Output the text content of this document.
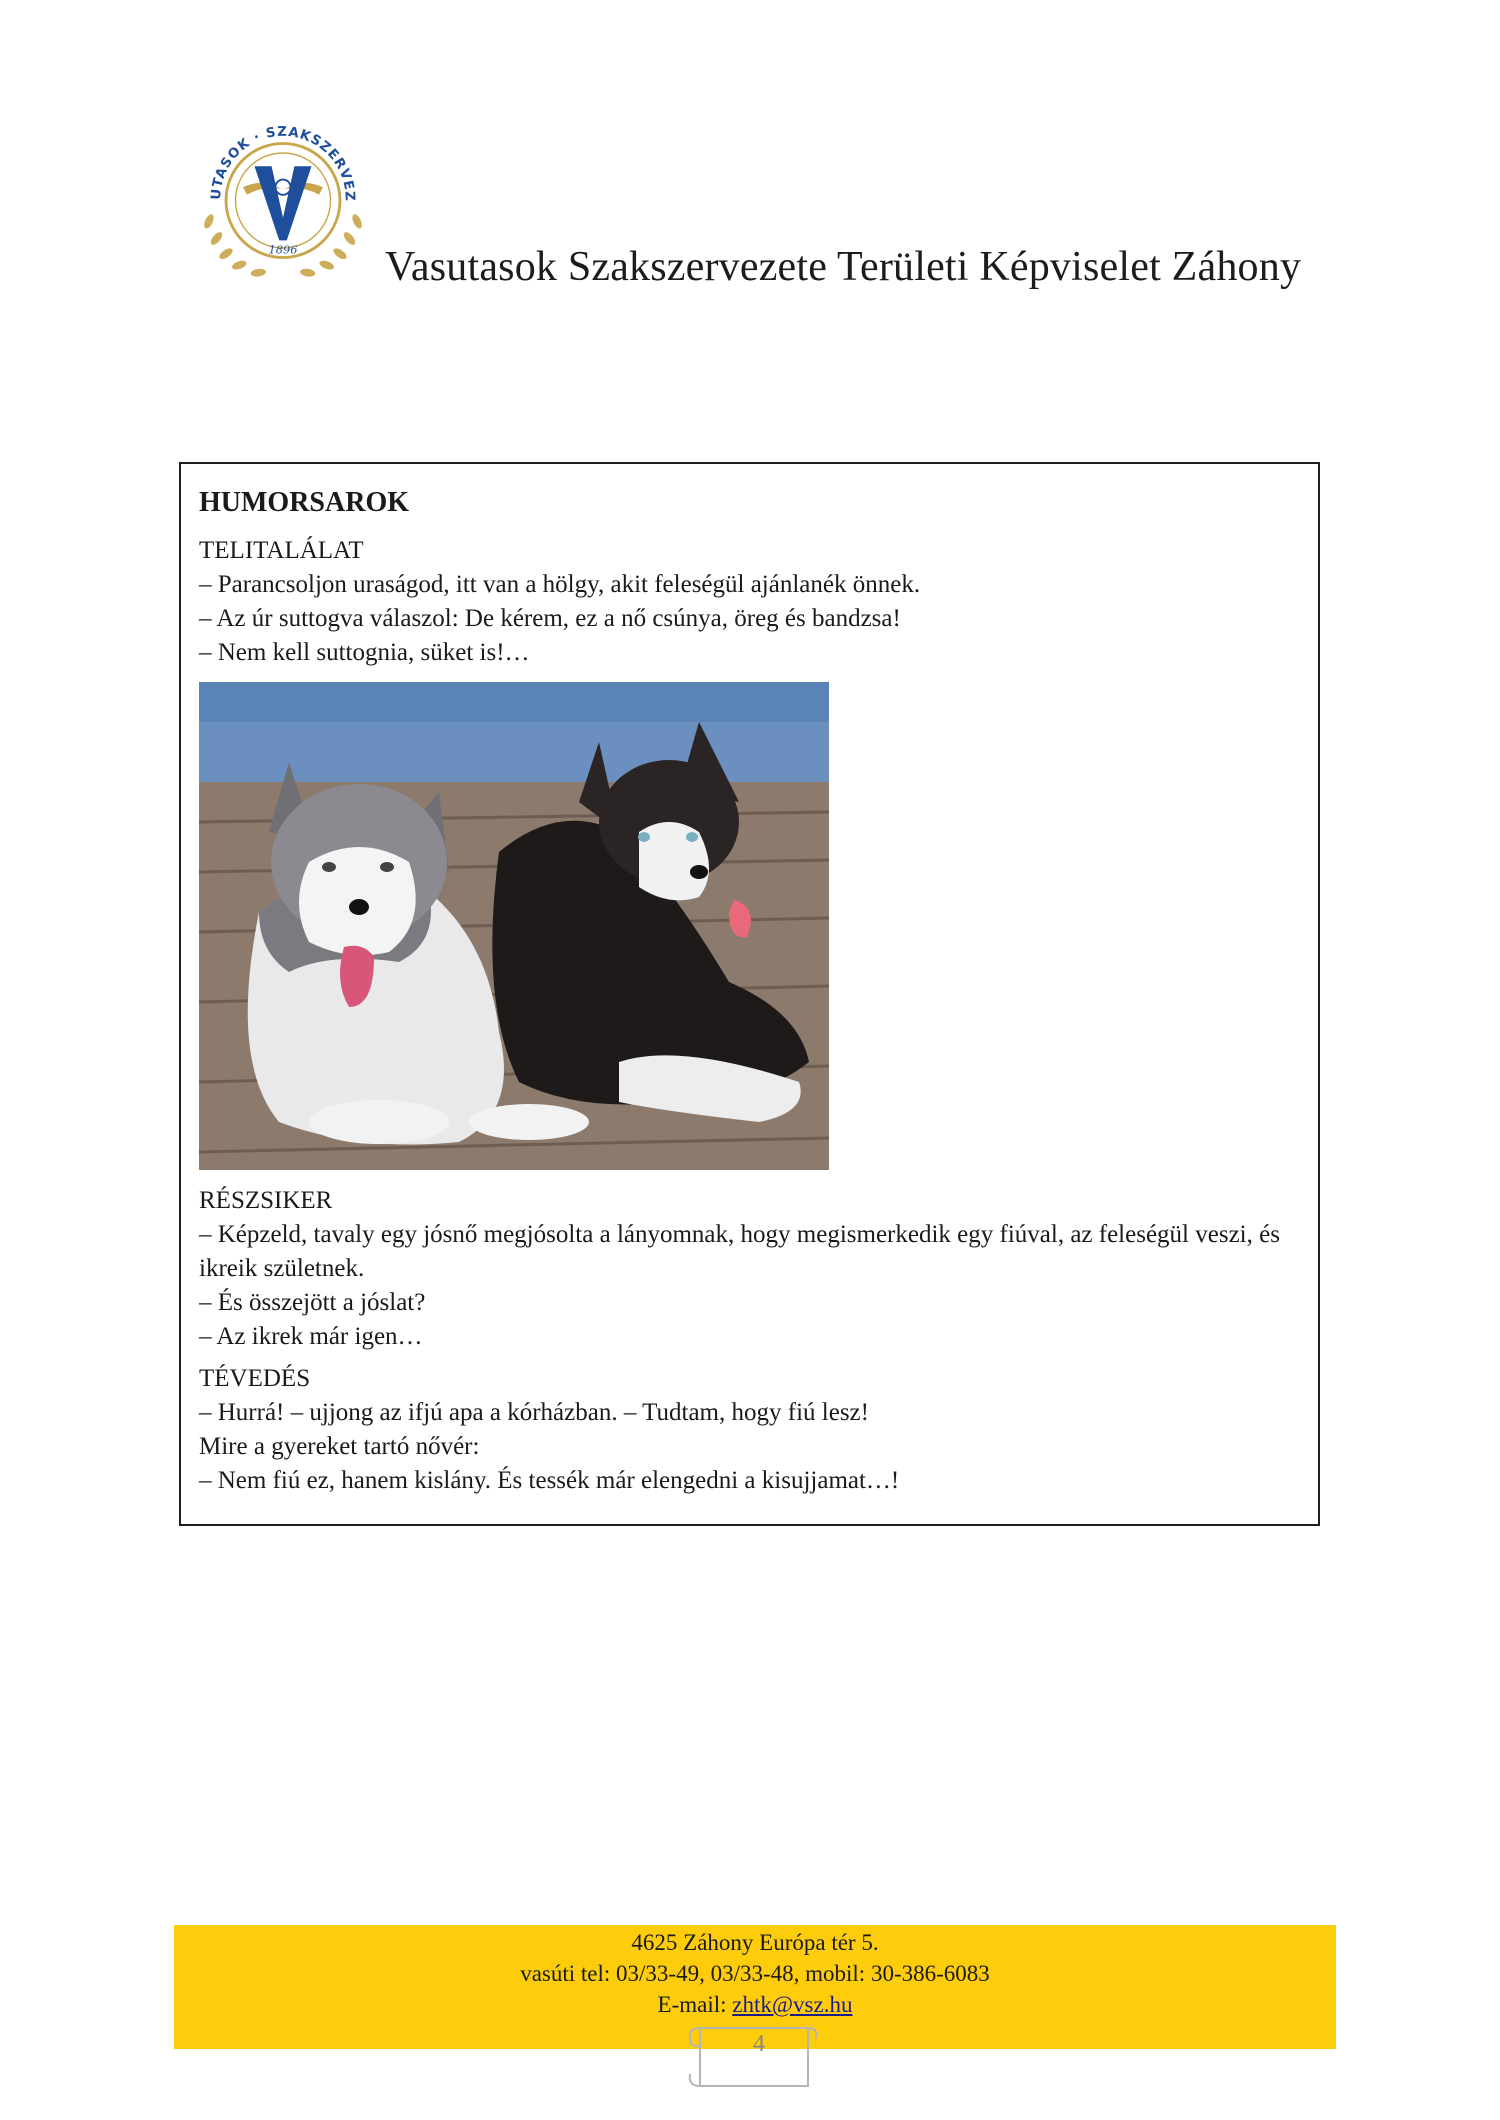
UTASOK · SZAKSZERVEZ
1896 Vasutasok Szakszervezete Területi Képviselet Záhony
HUMORSAROK
TELITALÁLAT
– Parancsoljon uraságod, itt van a hölgy, akit feleségül ajánlanék önnek.
– Az úr suttogva válaszol: De kérem, ez a nő csúnya, öreg és bandzsa!
– Nem kell suttognia, süket is!…
RÉSZSIKER
– Képzeld, tavaly egy jósnő megjósolta a lányomnak, hogy megismerkedik egy fiúval, az feleségül veszi, és ikreik születnek.
– És összejött a jóslat?
– Az ikrek már igen…
TÉVEDÉS
– Hurrá! – ujjong az ifjú apa a kórházban. – Tudtam, hogy fiú lesz!
Mire a gyereket tartó nővér:
– Nem fiú ez, hanem kislány. És tessék már elengedni a kisujjamat…!
4625 Záhony Európa tér 5.
vasúti tel: 03/33-49, 03/33-48, mobil: 30-386-6083
E-mail: zhtk@vsz.hu
4
